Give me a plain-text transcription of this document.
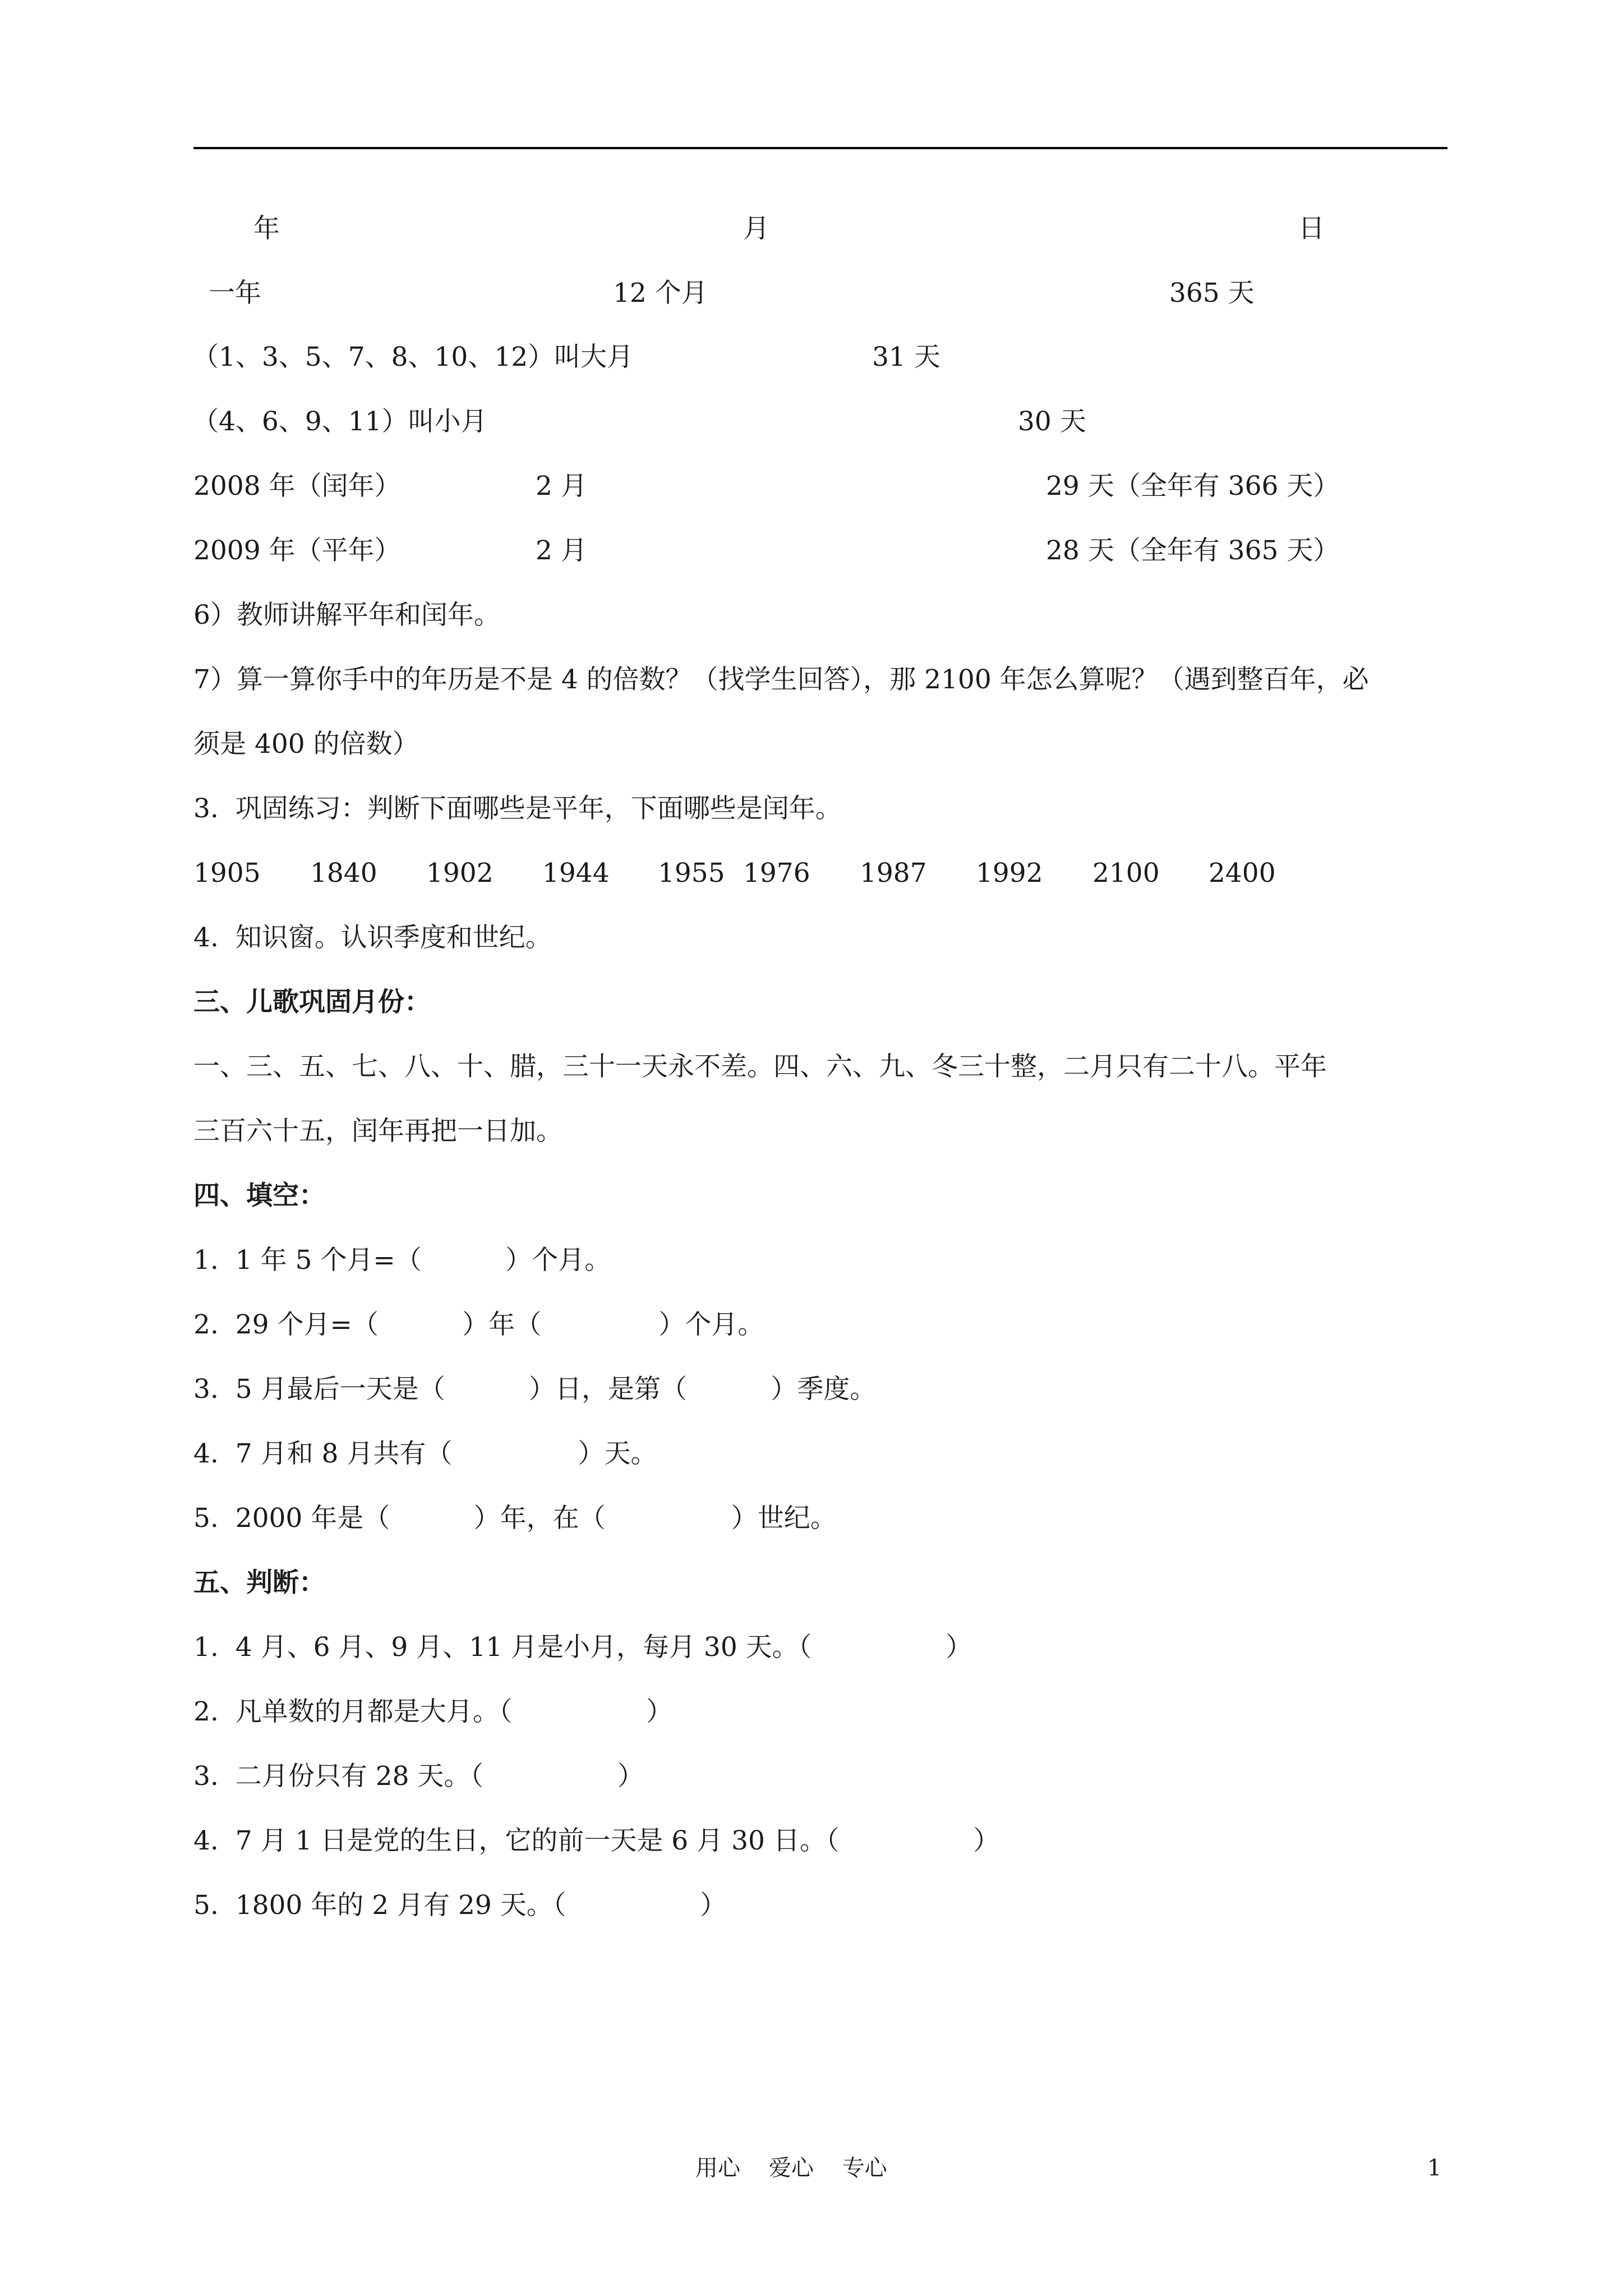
年	月	日
一年	12 个月	365 天
（1、3、5、7、8、10、12）叫大月	31 天
（4、6、9、11）叫小月	30 天
2008 年（闰年）	2 月	29 天（全年有 366 天）
2009 年（平年）	2 月	28 天（全年有 365 天）
6）教师讲解平年和闰年。
7）算一算你手中的年历是不是 4 的倍数？（找学生回答），那 2100 年怎么算呢？（遇到整百年，必
须是 400 的倍数）
3.  巩固练习：判断下面哪些是平年，下面哪些是闰年。
1905 1840 1902 1944 1955 1976 1987 1992 2100 2400
4.  知识窗。认识季度和世纪。
三、儿歌巩固月份：
一、三、五、七、八、十、腊，三十一天永不差。四、六、九、冬三十整，二月只有二十八。平年
三百六十五，闰年再把一日加。
四、填空：
1.  1 年 5 个月=（          ）个月。
2.  29 个月=（          ）年（              ）个月。
3.  5 月最后一天是（          ）日，是第（          ）季度。
4.  7 月和 8 月共有（               ）天。
5.  2000 年是（          ）年，在（               ）世纪。
五、判断：
1.  4 月、6 月、9 月、11 月是小月，每月 30 天。（                ）
2.  凡单数的月都是大月。（                ）
3.  二月份只有 28 天。（                ）
4.  7 月 1 日是党的生日，它的前一天是 6 月 30 日。（                ）
5.  1800 年的 2 月有 29 天。（                ）
用心    爱心    专心	1
